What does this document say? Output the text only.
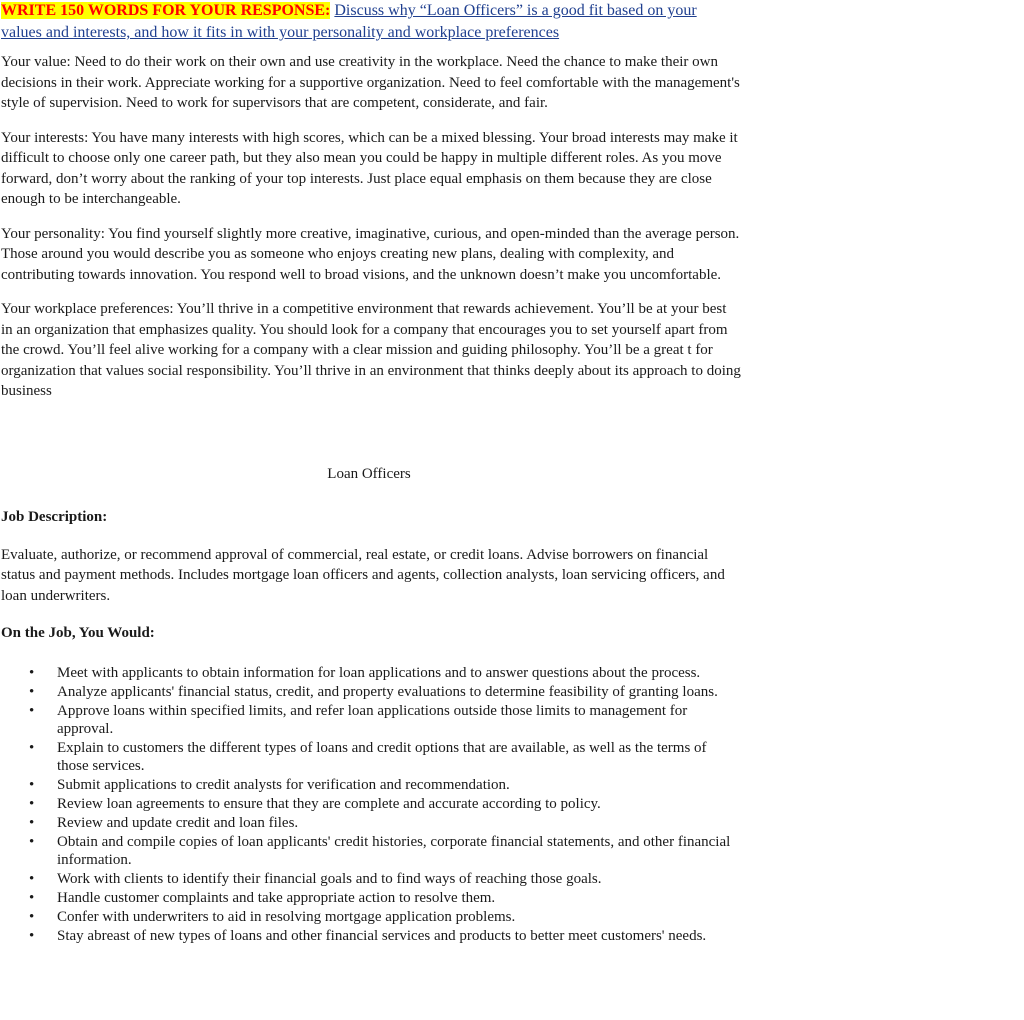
WRITE 150 WORDS FOR YOUR RESPONSE: Discuss why “Loan Officers” is a good fit based on your values and interests, and how it fits in with your personality and workplace preferences

Your value: Need to do their work on their own and use creativity in the workplace. Need the chance to make their own decisions in their work. Appreciate working for a supportive organization. Need to feel comfortable with the management's style of supervision. Need to work for supervisors that are competent, considerate, and fair.

Your interests: You have many interests with high scores, which can be a mixed blessing. Your broad interests may make it difficult to choose only one career path, but they also mean you could be happy in multiple different roles. As you move forward, don’t worry about the ranking of your top interests. Just place equal emphasis on them because they are close enough to be interchangeable.

Your personality: You find yourself slightly more creative, imaginative, curious, and open-minded than the average person. Those around you would describe you as someone who enjoys creating new plans, dealing with complexity, and contributing towards innovation. You respond well to broad visions, and the unknown doesn’t make you uncomfortable.

Your workplace preferences: You’ll thrive in a competitive environment that rewards achievement. You’ll be at your best in an organization that emphasizes quality. You should look for a company that encourages you to set yourself apart from the crowd. You’ll feel alive working for a company with a clear mission and guiding philosophy. You’ll be a great t for organization that values social responsibility. You’ll thrive in an environment that thinks deeply about its approach to doing business

Loan Officers

Job Description:

Evaluate, authorize, or recommend approval of commercial, real estate, or credit loans. Advise borrowers on financial status and payment methods. Includes mortgage loan officers and agents, collection analysts, loan servicing officers, and loan underwriters.

On the Job, You Would:

• Meet with applicants to obtain information for loan applications and to answer questions about the process.
• Analyze applicants' financial status, credit, and property evaluations to determine feasibility of granting loans.
• Approve loans within specified limits, and refer loan applications outside those limits to management for approval.
• Explain to customers the different types of loans and credit options that are available, as well as the terms of those services.
• Submit applications to credit analysts for verification and recommendation.
• Review loan agreements to ensure that they are complete and accurate according to policy.
• Review and update credit and loan files.
• Obtain and compile copies of loan applicants' credit histories, corporate financial statements, and other financial information.
• Work with clients to identify their financial goals and to find ways of reaching those goals.
• Handle customer complaints and take appropriate action to resolve them.
• Confer with underwriters to aid in resolving mortgage application problems.
• Stay abreast of new types of loans and other financial services and products to better meet customers' needs.
